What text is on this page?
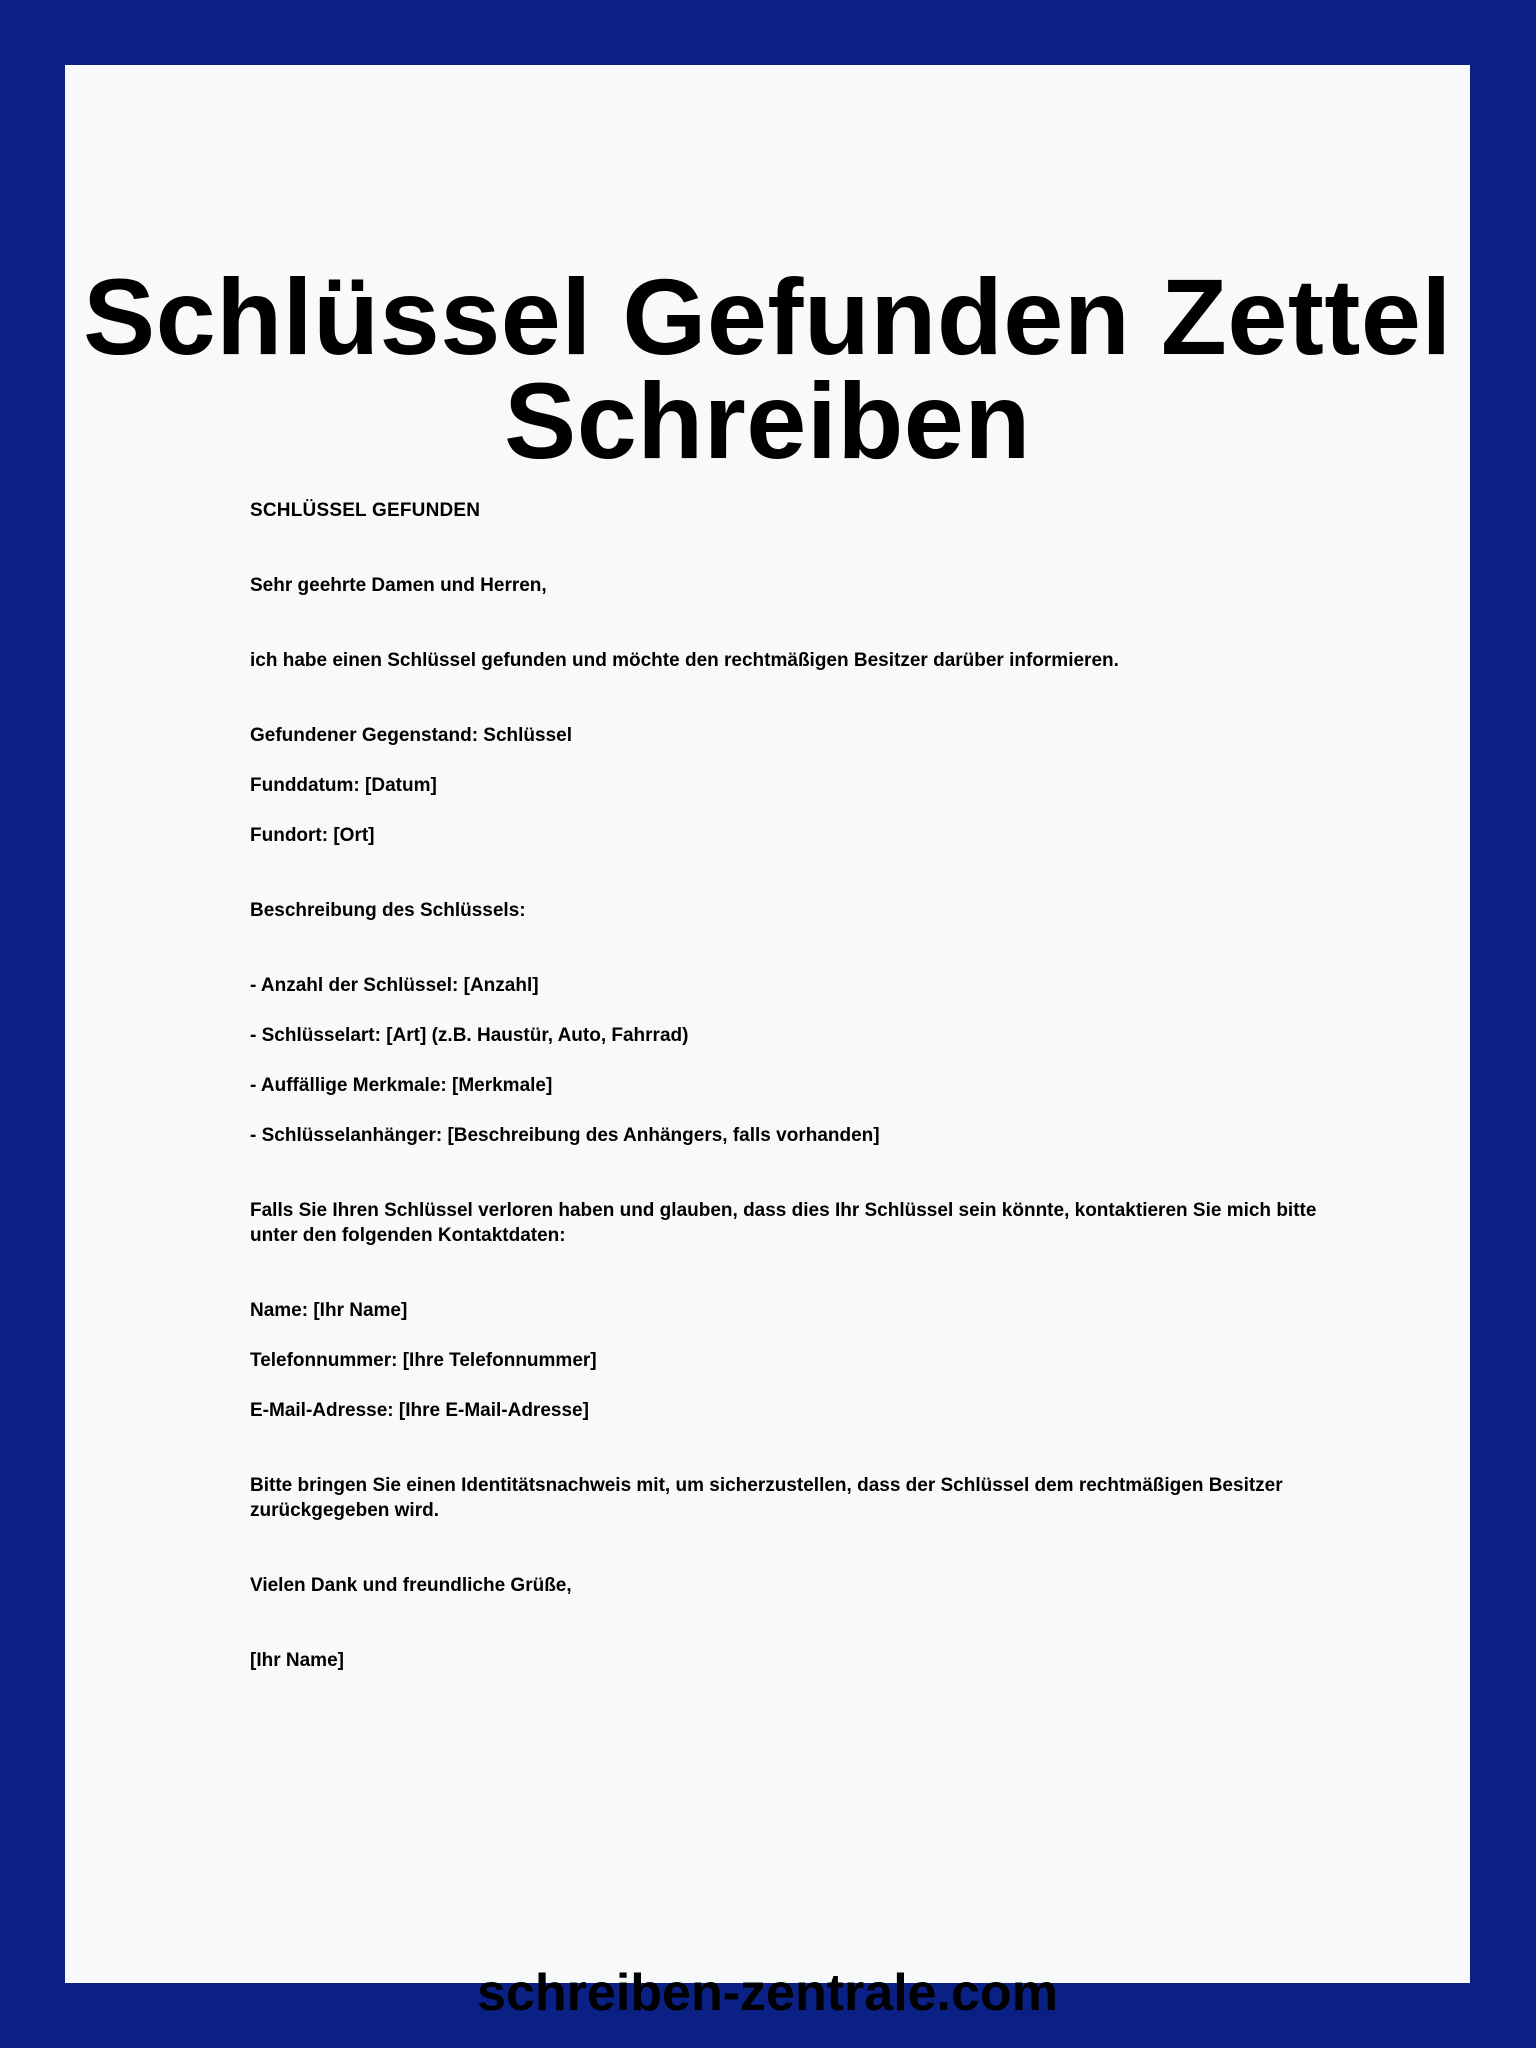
Schlüssel Gefunden Zettel Schreiben

SCHLÜSSEL GEFUNDEN

Sehr geehrte Damen und Herren,

ich habe einen Schlüssel gefunden und möchte den rechtmäßigen Besitzer darüber informieren.

Gefundener Gegenstand: Schlüssel

Funddatum: [Datum]

Fundort: [Ort]

Beschreibung des Schlüssels:

- Anzahl der Schlüssel: [Anzahl]

- Schlüsselart: [Art] (z.B. Haustür, Auto, Fahrrad)

- Auffällige Merkmale: [Merkmale]

- Schlüsselanhänger: [Beschreibung des Anhängers, falls vorhanden]

Falls Sie Ihren Schlüssel verloren haben und glauben, dass dies Ihr Schlüssel sein könnte, kontaktieren Sie mich bitte unter den folgenden Kontaktdaten:

Name: [Ihr Name]

Telefonnummer: [Ihre Telefonnummer]

E-Mail-Adresse: [Ihre E-Mail-Adresse]

Bitte bringen Sie einen Identitätsnachweis mit, um sicherzustellen, dass der Schlüssel dem rechtmäßigen Besitzer zurückgegeben wird.

Vielen Dank und freundliche Grüße,

[Ihr Name]

schreiben-zentrale.com
